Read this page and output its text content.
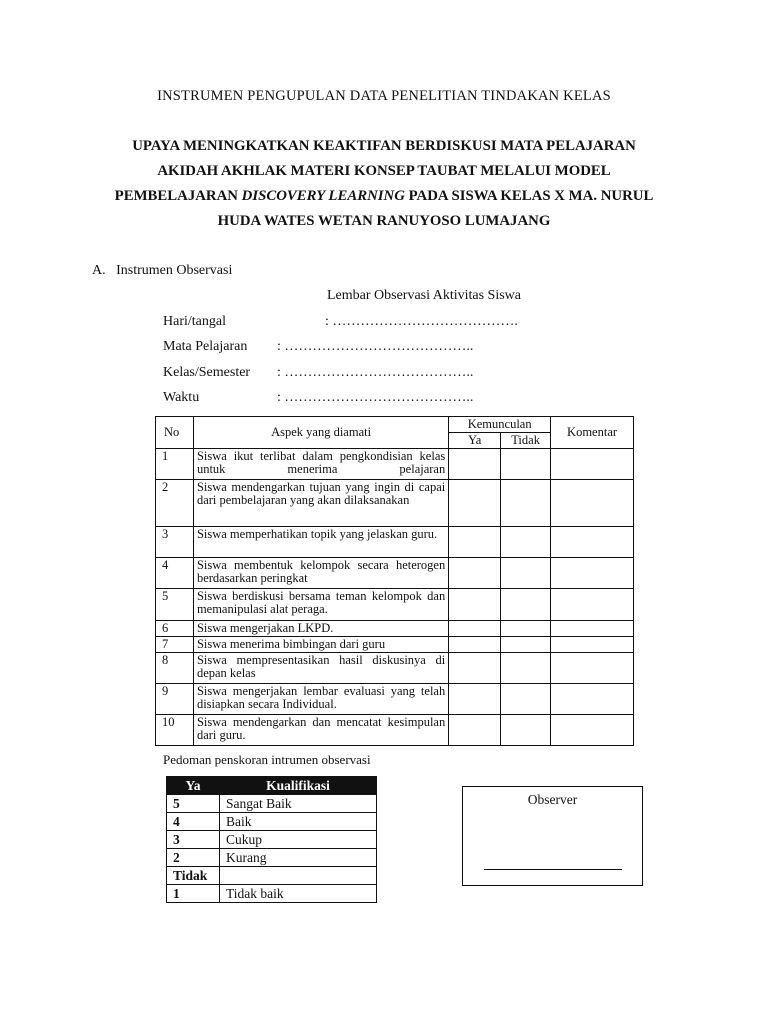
INSTRUMEN PENGUPULAN DATA PENELITIAN TINDAKAN KELAS
UPAYA MENINGKATKAN KEAKTIFAN BERDISKUSI MATA PELAJARAN
AKIDAH AKHLAK MATERI KONSEP TAUBAT MELALUI MODEL
PEMBELAJARAN DISCOVERY LEARNING PADA SISWA KELAS X MA. NURUL
HUDA WATES WETAN RANUYOSO LUMAJANG
A.   Instrumen Observasi
Lembar Observasi Aktivitas Siswa
Hari/tangal	: ………………………………….
Mata Pelajaran : …………………………………..
Kelas/Semester : …………………………………..
Waktu	: …………………………………..
No	Aspek yang diamati	Kemunculan		Komentar
		Ya	Tidak	
1	Siswa ikut terlibat dalam pengkondisian kelas untuk menerima pelajaran			
2	Siswa mendengarkan tujuan yang ingin di capai dari pembelajaran yang akan dilaksanakan			
3	Siswa memperhatikan topik yang jelaskan guru.			
4	Siswa membentuk kelompok secara heterogen berdasarkan peringkat			
5	Siswa berdiskusi bersama teman kelompok dan memanipulasi alat peraga.			
6	Siswa mengerjakan LKPD.			
7	Siswa menerima bimbingan dari guru			
8	Siswa mempresentasikan hasil diskusinya di depan kelas			
9	Siswa mengerjakan lembar evaluasi yang telah disiapkan secara Individual.			
10	Siswa mendengarkan dan mencatat kesimpulan dari guru.			
Pedoman penskoran intrumen observasi
Ya	Kualifikasi
5	Sangat Baik
4	Baik
3	Cukup
2	Kurang
Tidak	
1	Tidak baik
Observer
